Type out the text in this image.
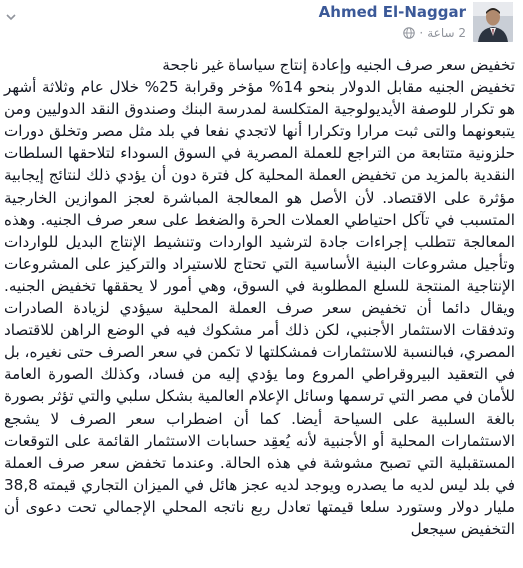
Ahmed El-Naggar
2 ساعة
·

تخفيض سعر صرف الجنيه وإعادة إنتاج سياساة غير ناجحة
تخفيض الجنيه مقابل الدولار بنحو 14% مؤخر وقرابة 25% خلال عام وثلاثة أشهر هو تكرار للوصفة الأيديولوجية المتكلسة لمدرسة البنك وصندوق النقد الدوليين ومن يتبعونهما والتى ثبت مرارا وتكرارا أنها لاتجدي نفعا في بلد مثل مصر وتخلق دورات حلزونية متتابعة من التراجع للعملة المصرية في السوق السوداء لتلاحقها السلطات النقدية بالمزيد من تخفيض العملة المحلية كل فترة دون أن يؤدي ذلك لنتائج إيجابية مؤثرة على الاقتصاد. لأن الأصل هو المعالجة المباشرة لعجز الموازين الخارجية المتسبب في تآكل احتياطي العملات الحرة والضغط على سعر صرف الجنيه. وهذه المعالجة تتطلب إجراءات جادة لترشيد الواردات وتنشيط الإنتاج البديل للواردات وتأجيل مشروعات البنية الأساسية التي تحتاج للاستيراد والتركيز على المشروعات الإنتاجية المنتجة للسلع المطلوبة في السوق، وهي أمور لا يحققها تخفيض الجنيه. ويقال دائما أن تخفيض سعر صرف العملة المحلية سيؤدي لزيادة الصادرات وتدفقات الاستثمار الأجنبي، لكن ذلك أمر مشكوك فيه في الوضع الراهن للاقتصاد المصري، فبالنسبة للاستثمارات فمشكلتها لا تكمن في سعر الصرف حتى نغيره، بل في التعقيد البيروقراطي المروع وما يؤدي إليه من فساد، وكذلك الصورة العامة للأمان في مصر التي ترسمها وسائل الإعلام العالمية بشكل سلبي والتي تؤثر بصورة بالغة السلبية على السياحة أيضا. كما أن اضطراب سعر الصرف لا يشجع الاستثمارات المحلية أو الأجنبية لأنه يُعقِد حسابات الاستثمار القائمة على التوقعات المستقبلية التي تصبح مشوشة في هذه الحالة. وعندما تخفض سعر صرف العملة في بلد ليس لديه ما يصدره ويوجد لديه عجز هائل في الميزان التجاري قيمته 38,8 مليار دولار وستورد سلعا قيمتها تعادل ربع ناتجه المحلي الإجمالي تحت دعوى أن التخفيض سيجعل
